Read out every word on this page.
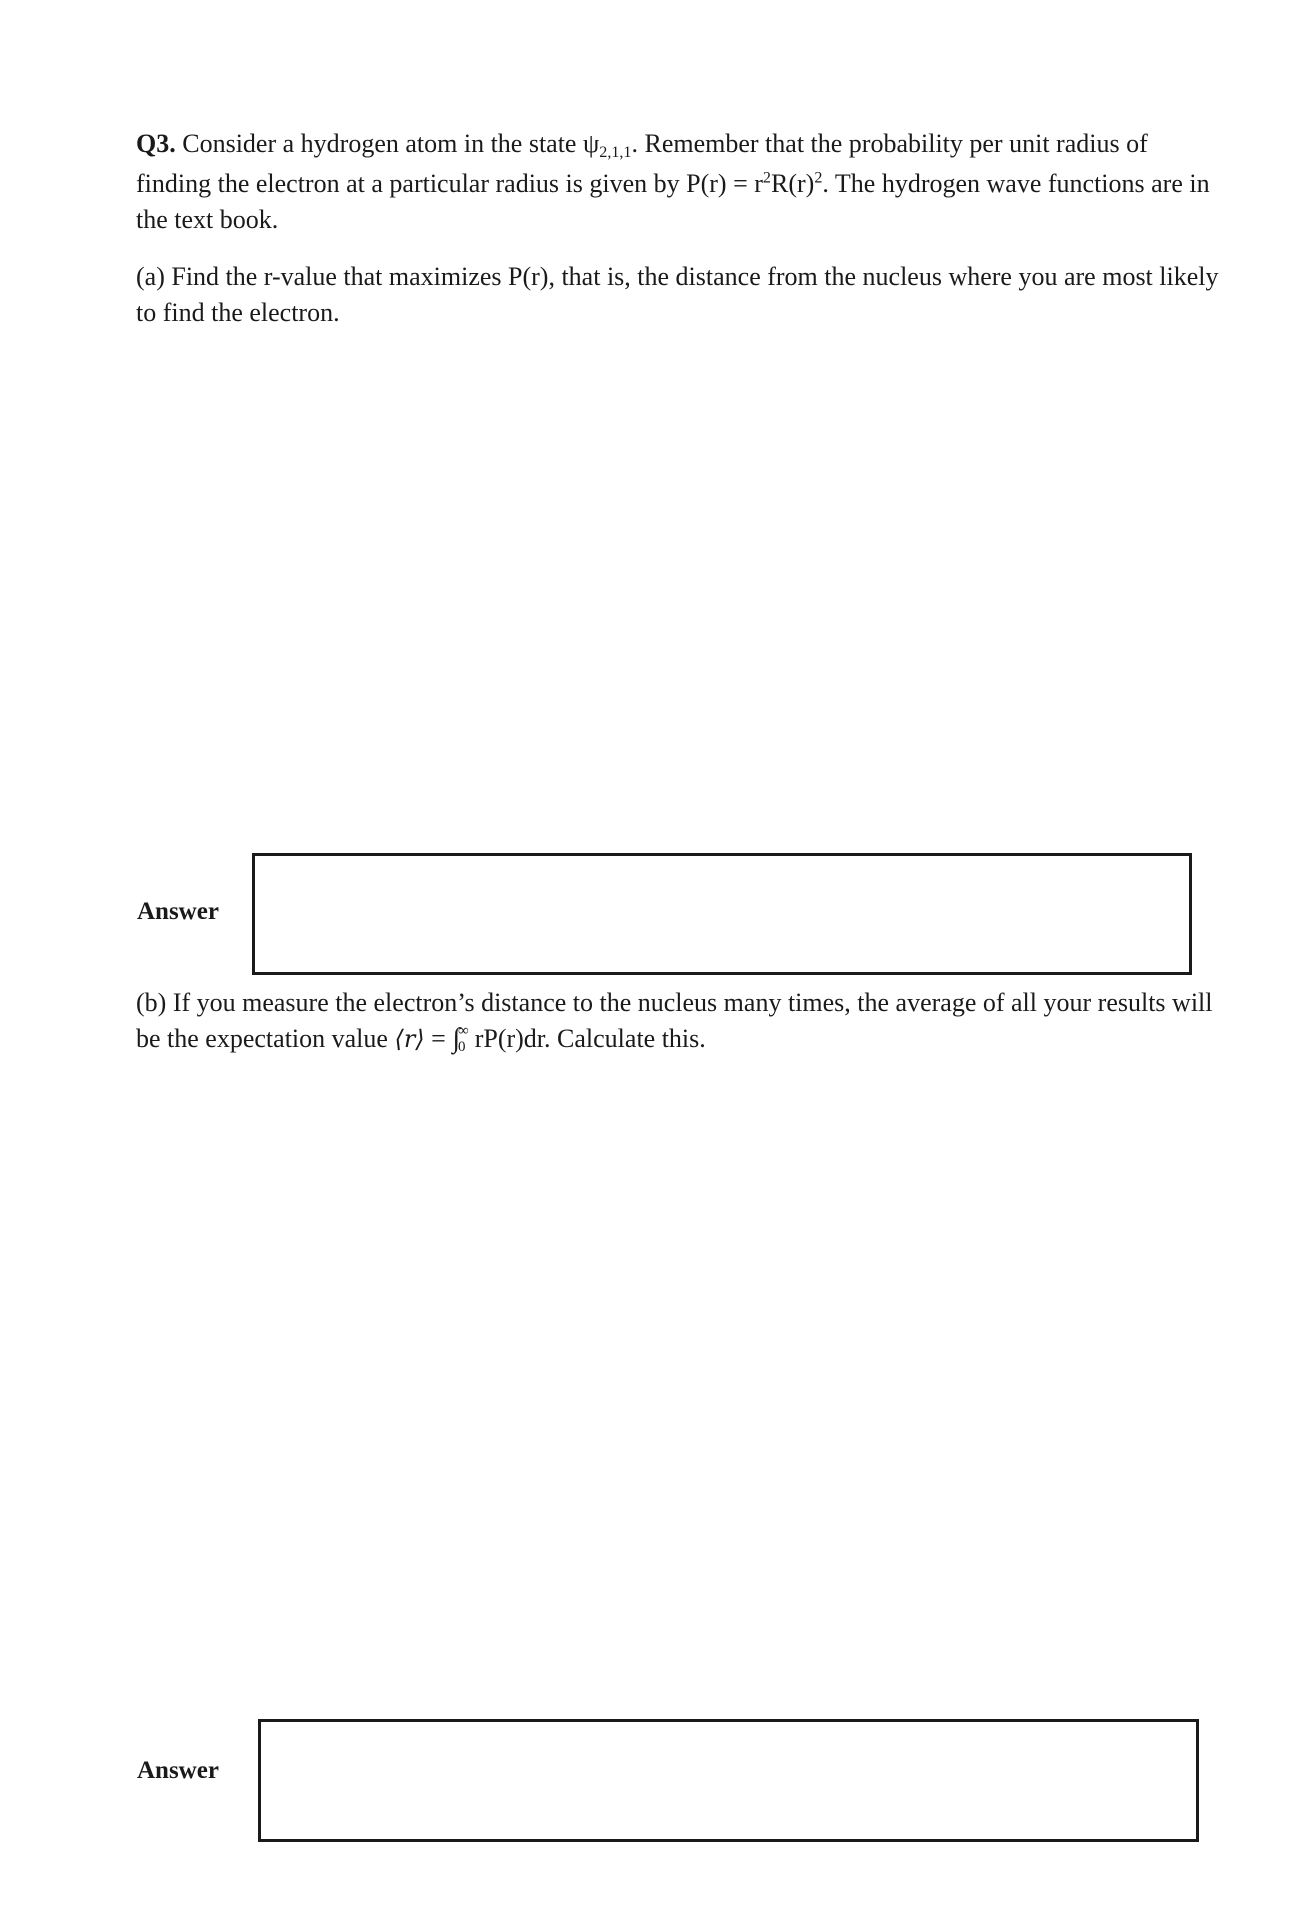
Q3. Consider a hydrogen atom in the state ψ2,1,1. Remember that the probability per unit radius of finding the electron at a particular radius is given by $P(r) = r^2R(r)^2$. The hydrogen wave functions are in the text book.

(a) Find the r-value that maximizes P(r), that is, the distance from the nucleus where you are most likely to find the electron.

Answer

(b) If you measure the electron’s distance to the nucleus many times, the average of all your results will be the expectation value ⟨r⟩ = ∫
∞
0 rP(r)dr. Calculate this.

Answer
